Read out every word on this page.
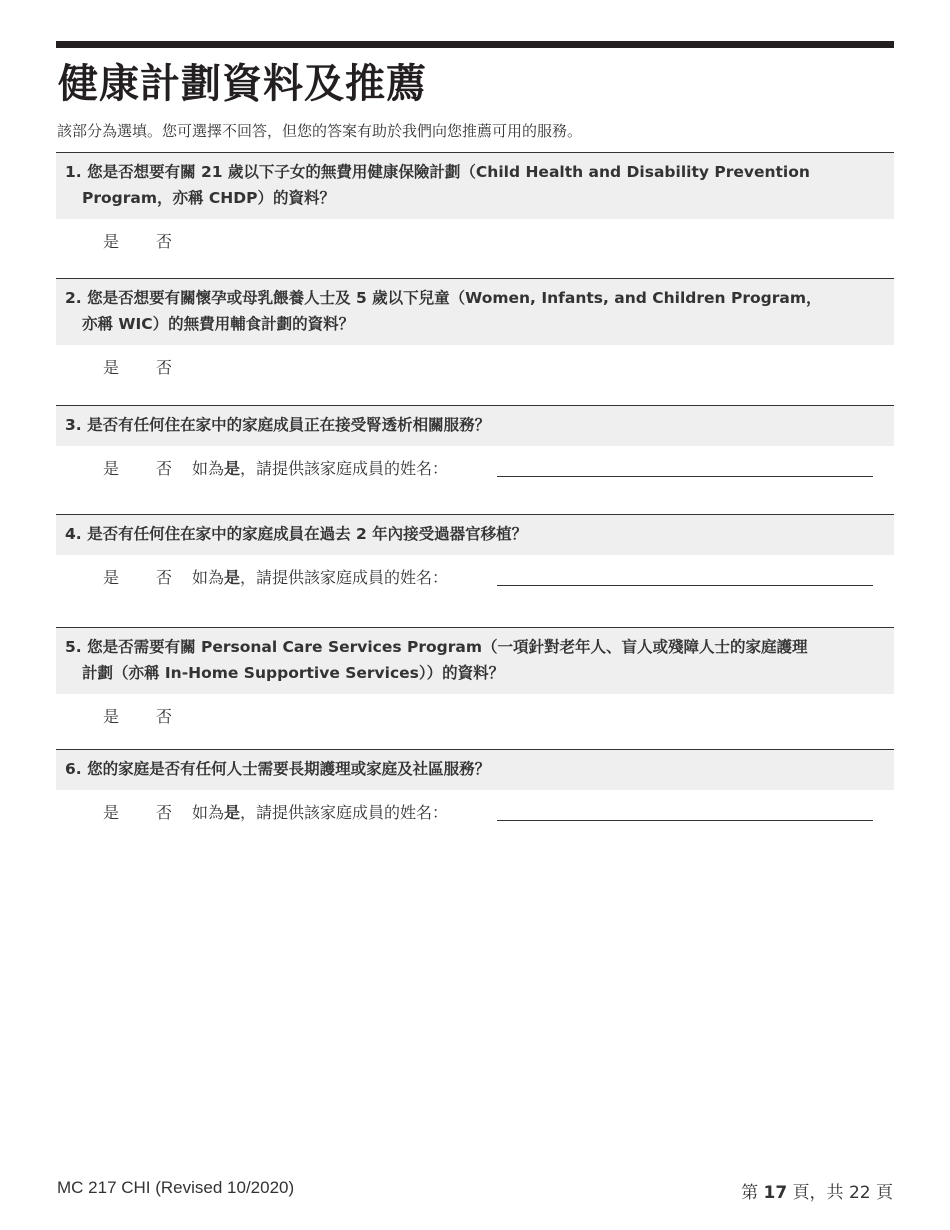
健康計劃資料及推薦
該部分為選填。您可選擇不回答，但您的答案有助於我們向您推薦可用的服務。
1. 您是否想要有關 21 歲以下子女的無費用健康保險計劃（Child Health and Disability Prevention
Program，亦稱 CHDP）的資料？
是 否
2. 您是否想要有關懷孕或母乳餵養人士及 5 歲以下兒童（Women, Infants, and Children Program，
亦稱 WIC）的無費用輔食計劃的資料？
是 否
3. 是否有任何住在家中的家庭成員正在接受腎透析相關服務？
是 否 如為是，請提供該家庭成員的姓名：
4. 是否有任何住在家中的家庭成員在過去 2 年內接受過器官移植？
是 否 如為是，請提供該家庭成員的姓名：
5. 您是否需要有關 Personal Care Services Program（一項針對老年人、盲人或殘障人士的家庭護理
計劃（亦稱 In-Home Supportive Services））的資料？
是 否
6. 您的家庭是否有任何人士需要長期護理或家庭及社區服務？
是 否 如為是，請提供該家庭成員的姓名：
MC 217 CHI (Revised 10/2020)	第 17 頁，共 22 頁
